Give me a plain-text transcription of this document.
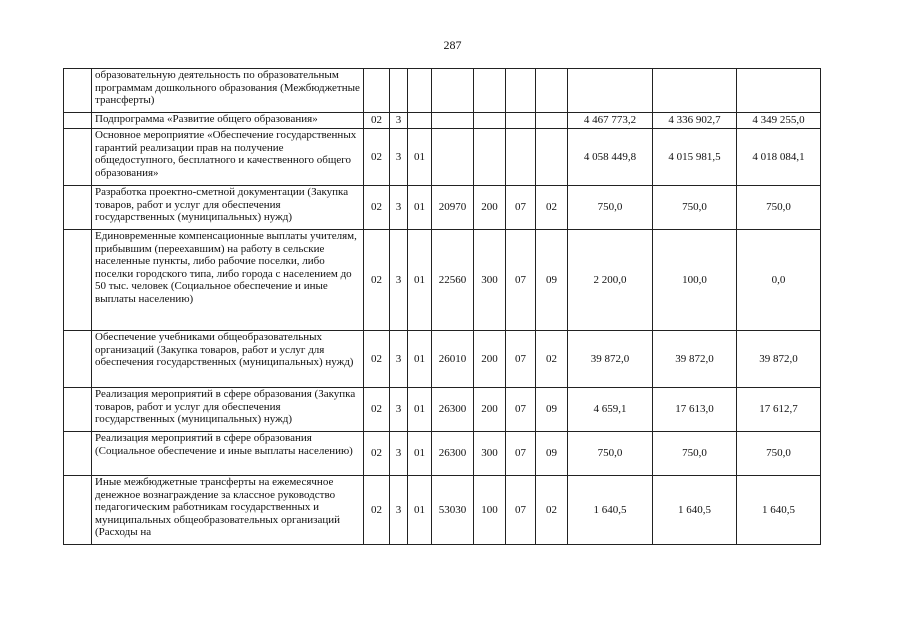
287
	образовательную деятельность по образовательным программам дошкольного образования (Межбюджетные трансферты)										
	Подпрограмма «Развитие общего образования»	02	3						4 467 773,2	4 336 902,7	4 349 255,0
	Основное мероприятие «Обеспечение государственных гарантий реализации прав на получение общедоступного, бесплатного и качественного общего образования»	02	3	01					4 058 449,8	4 015 981,5	4 018 084,1
	Разработка проектно-сметной документации (Закупка товаров, работ и услуг для обеспечения государственных (муниципальных) нужд)	02	3	01	20970	200	07	02	750,0	750,0	750,0
	Единовременные компенсационные выплаты учителям, прибывшим (переехавшим) на работу в сельские населенные пункты, либо рабочие поселки, либо поселки городского типа, либо города с населением до 50 тыс. человек (Социальное обеспечение и иные выплаты населению)	02	3	01	22560	300	07	09	2 200,0	100,0	0,0
	Обеспечение учебниками общеобразовательных организаций (Закупка товаров, работ и услуг для обеспечения государственных (муниципальных) нужд)	02	3	01	26010	200	07	02	39 872,0	39 872,0	39 872,0
	Реализация мероприятий в сфере образования (Закупка товаров, работ и услуг для обеспечения государственных (муниципальных) нужд)	02	3	01	26300	200	07	09	4 659,1	17 613,0	17 612,7
	Реализация мероприятий в сфере образования (Социальное обеспечение и иные выплаты населению)	02	3	01	26300	300	07	09	750,0	750,0	750,0
	Иные межбюджетные трансферты на ежемесячное денежное вознаграждение за классное руководство педагогическим работникам государственных и муниципальных общеобразовательных организаций (Расходы на	02	3	01	53030	100	07	02	1 640,5	1 640,5	1 640,5
